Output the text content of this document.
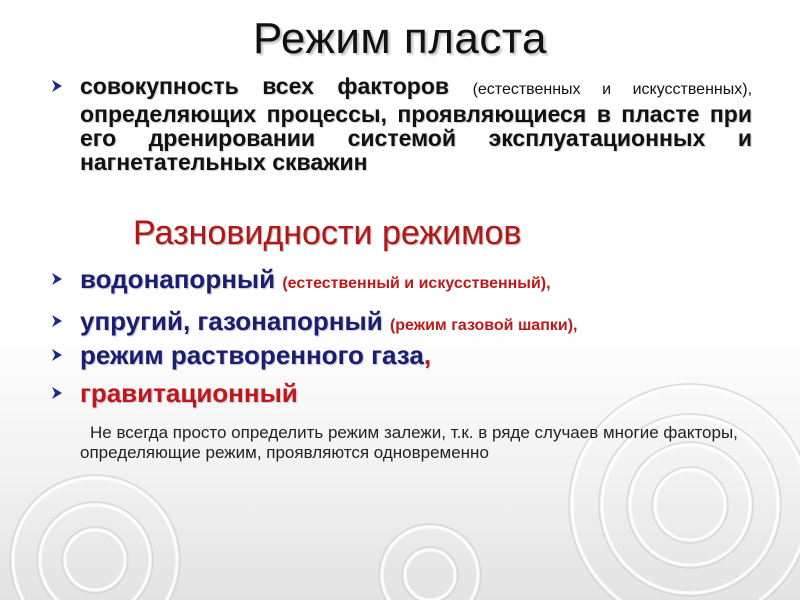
Режим пласта
совокупность всех факторов (естественных и искусственных), определяющих процессы, проявляющиеся в пласте при его дренировании системой эксплуатационных и нагнетательных скважин
Разновидности режимов
водонапорный (естественный и искусственный),
упругий, газонапорный (режим газовой шапки),
режим растворенного газа,
гравитационный
Не всегда просто определить режим залежи, т.к. в ряде случаев многие факторы, определяющие режим, проявляются одновременно
